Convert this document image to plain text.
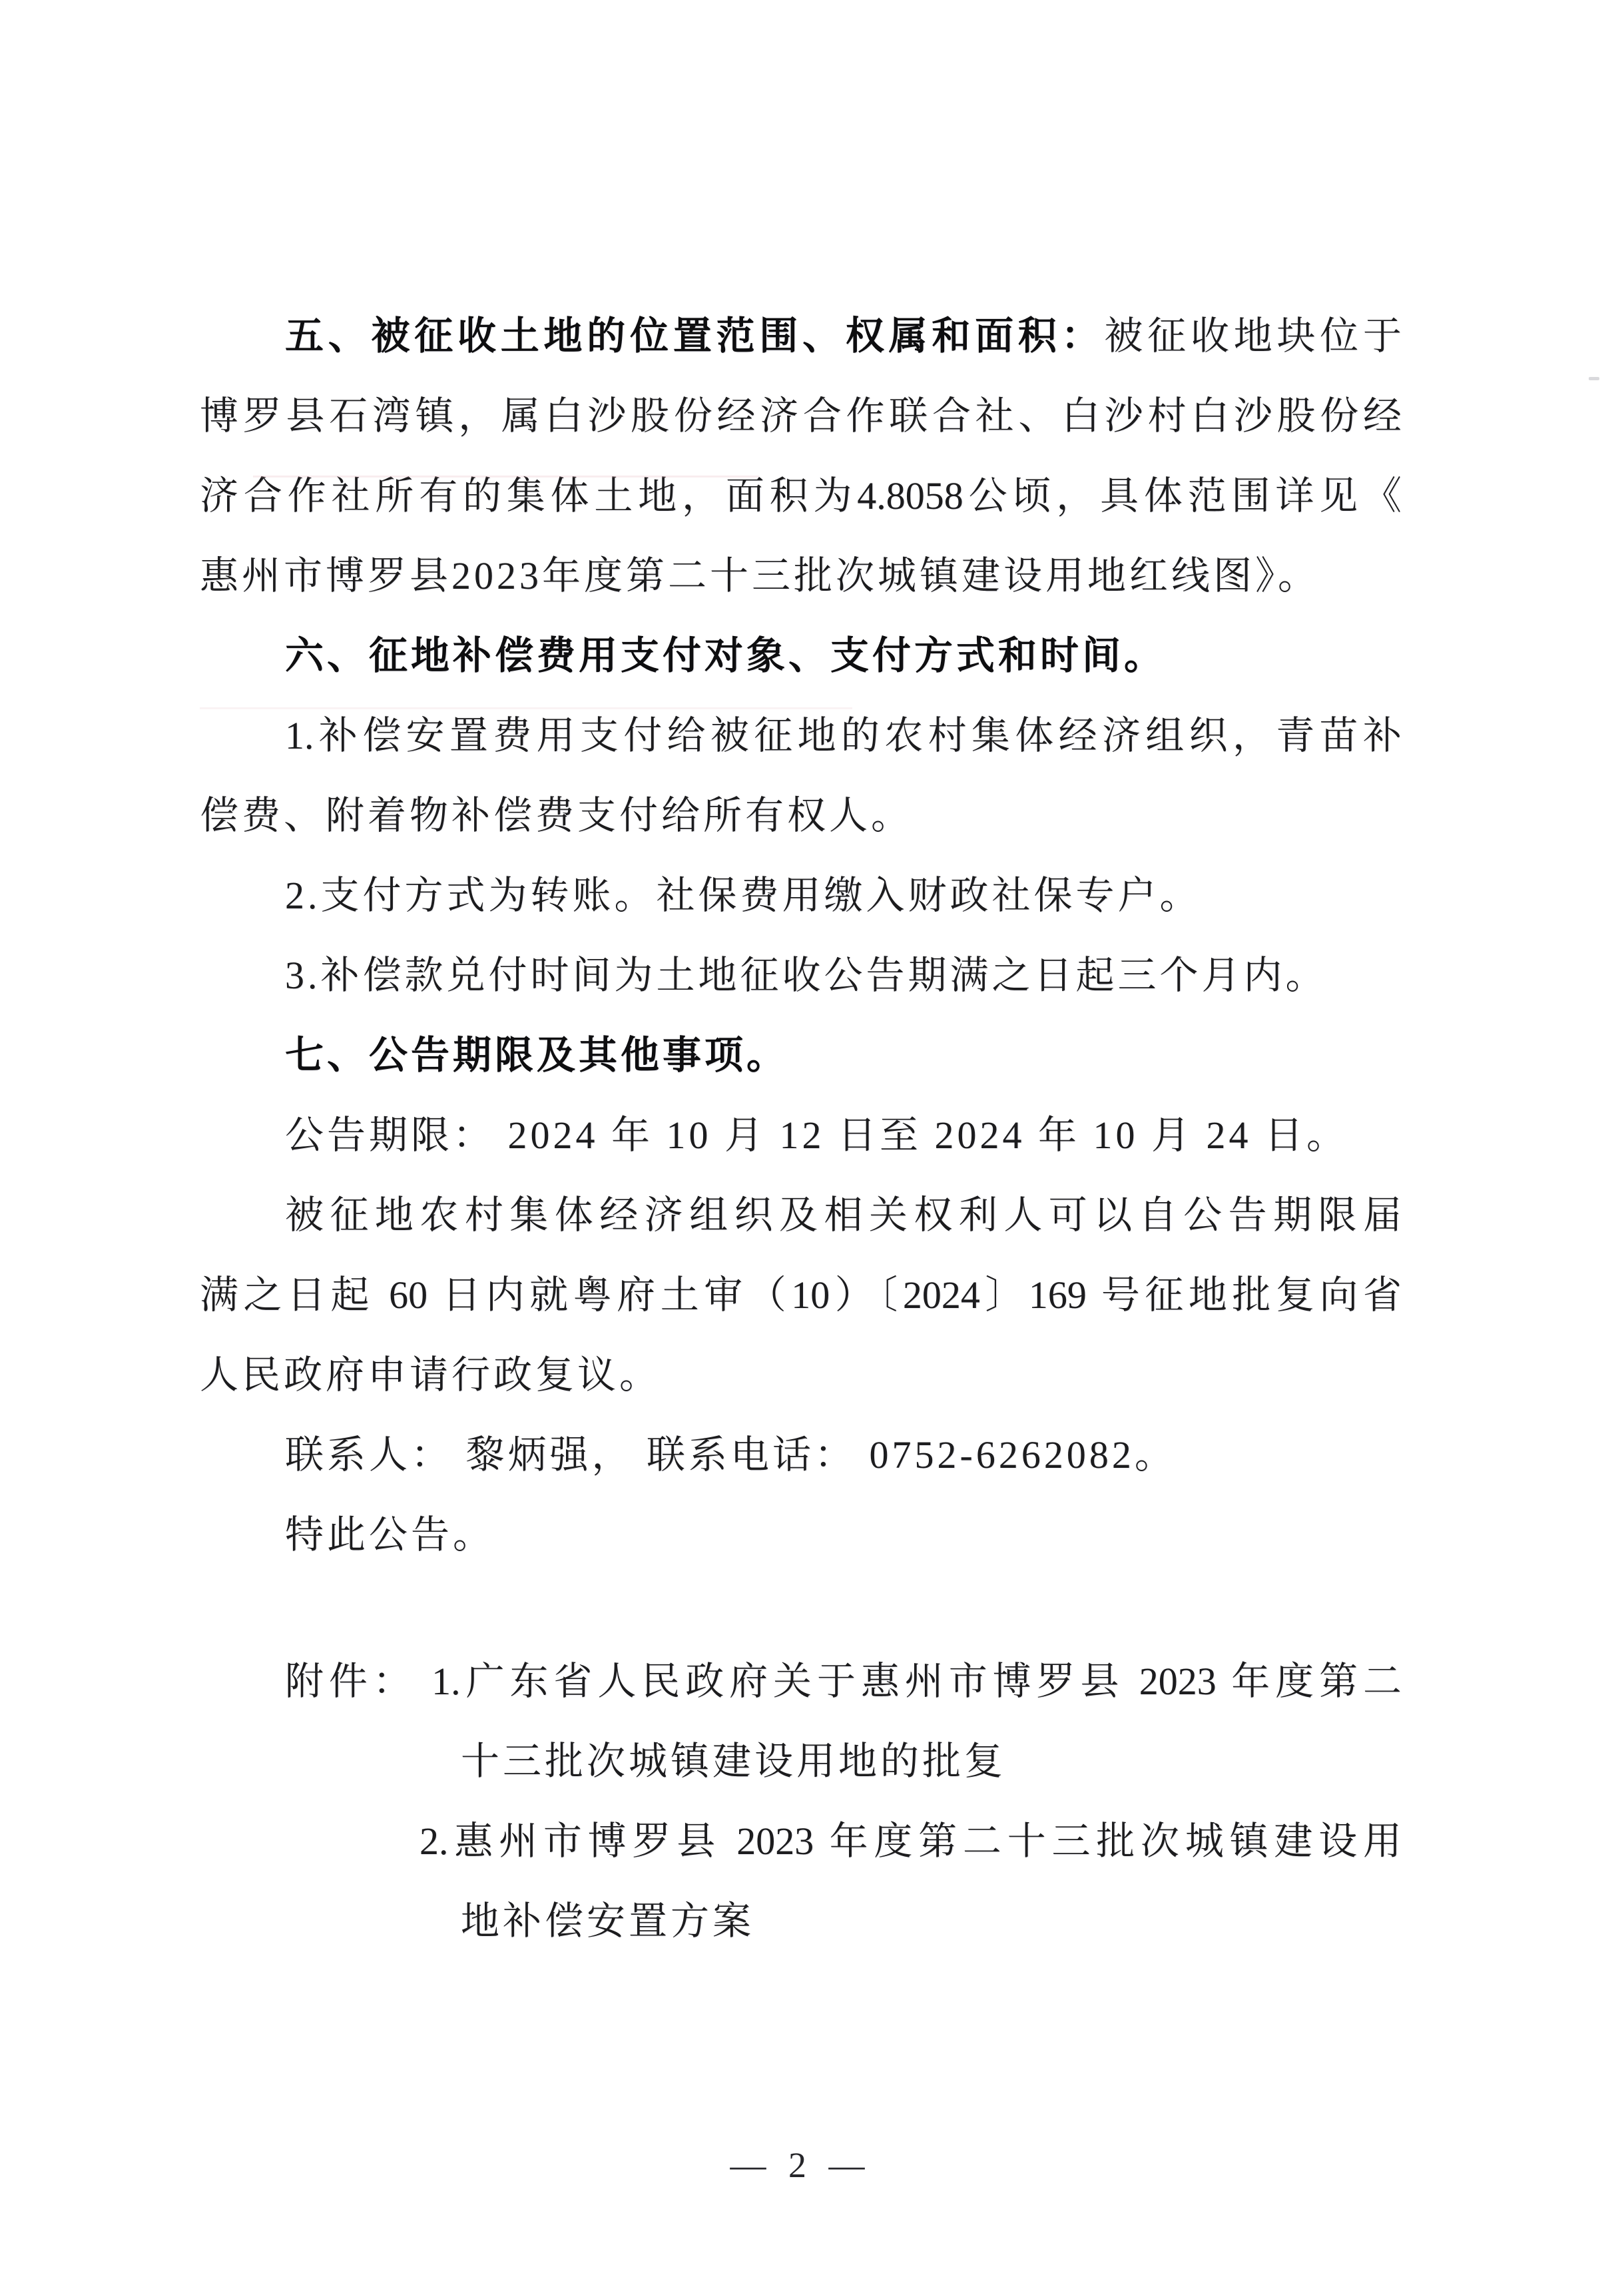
五、被征收土地的位置范围、权属和面积：被征收地块位于
博罗县石湾镇，属白沙股份经济合作联合社、白沙村白沙股份经
济合作社所有的集体土地，面积为4.8058公顷，具体范围详见《
惠州市博罗县2023年度第二十三批次城镇建设用地红线图》。
六、征地补偿费用支付对象、支付方式和时间。
1.补偿安置费用支付给被征地的农村集体经济组织，青苗补
偿费、附着物补偿费支付给所有权人。
2.支付方式为转账。社保费用缴入财政社保专户。
3.补偿款兑付时间为土地征收公告期满之日起三个月内。
七、公告期限及其他事项。
公告期限： 2024 年 10 月 12 日至 2024 年 10 月 24 日。
被征地农村集体经济组织及相关权利人可以自公告期限届
满之日起 60 日内就粤府土审（10）〔2024〕169 号征地批复向省
人民政府申请行政复议。
联系人： 黎炳强， 联系电话： 0752-6262082。
特此公告。
附件： 1.广东省人民政府关于惠州市博罗县 2023 年度第二
十三批次城镇建设用地的批复
2.惠州市博罗县 2023 年度第二十三批次城镇建设用
地补偿安置方案
— 2 —
